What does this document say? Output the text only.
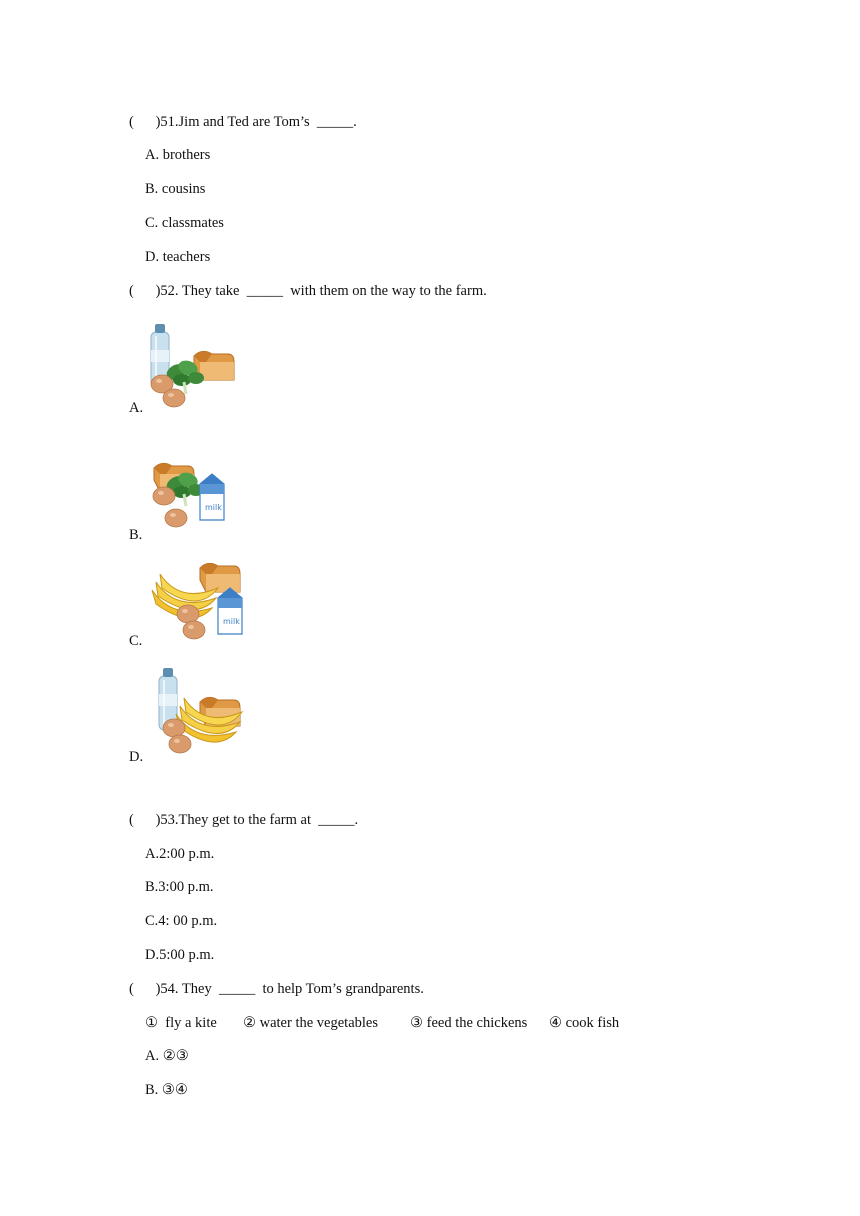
(      )51.Jim and Ted are Tom’s  _____.
A. brothers
B. cousins
C. classmates
D. teachers
(      )52. They take  _____  with them on the way to the farm.
A.
B.
C.
D.
(      )53.They get to the farm at  _____.
A.2:00 p.m.
B.3:00 p.m.
C.4: 00 p.m.
D.5:00 p.m.
(      )54. They  _____  to help Tom’s grandparents.
①  fly a kite ② water the vegetables ③ feed the chickens ④ cook fish
A. ②③
B. ③④
